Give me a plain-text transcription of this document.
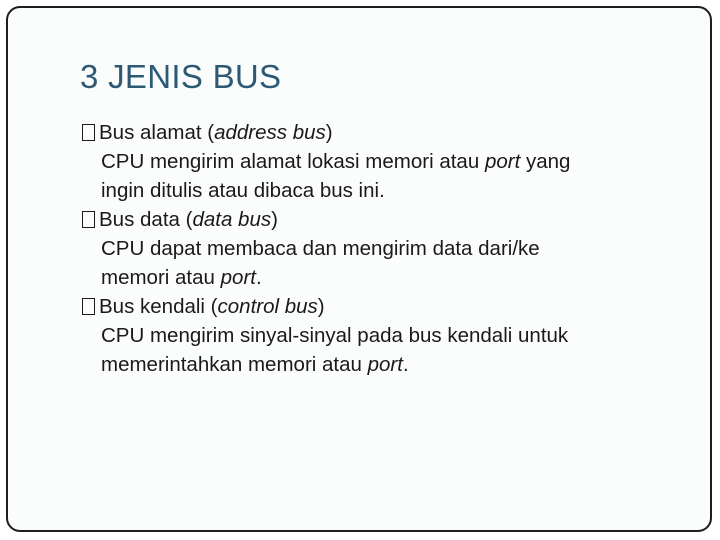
3 JENIS BUS
Bus alamat (address bus)
CPU mengirim alamat lokasi memori atau port yang
ingin ditulis atau dibaca bus ini.
Bus data (data bus)
CPU dapat membaca dan mengirim data dari/ke
memori atau port.
Bus kendali (control bus)
CPU mengirim sinyal-sinyal pada bus kendali untuk
memerintahkan memori atau port.
